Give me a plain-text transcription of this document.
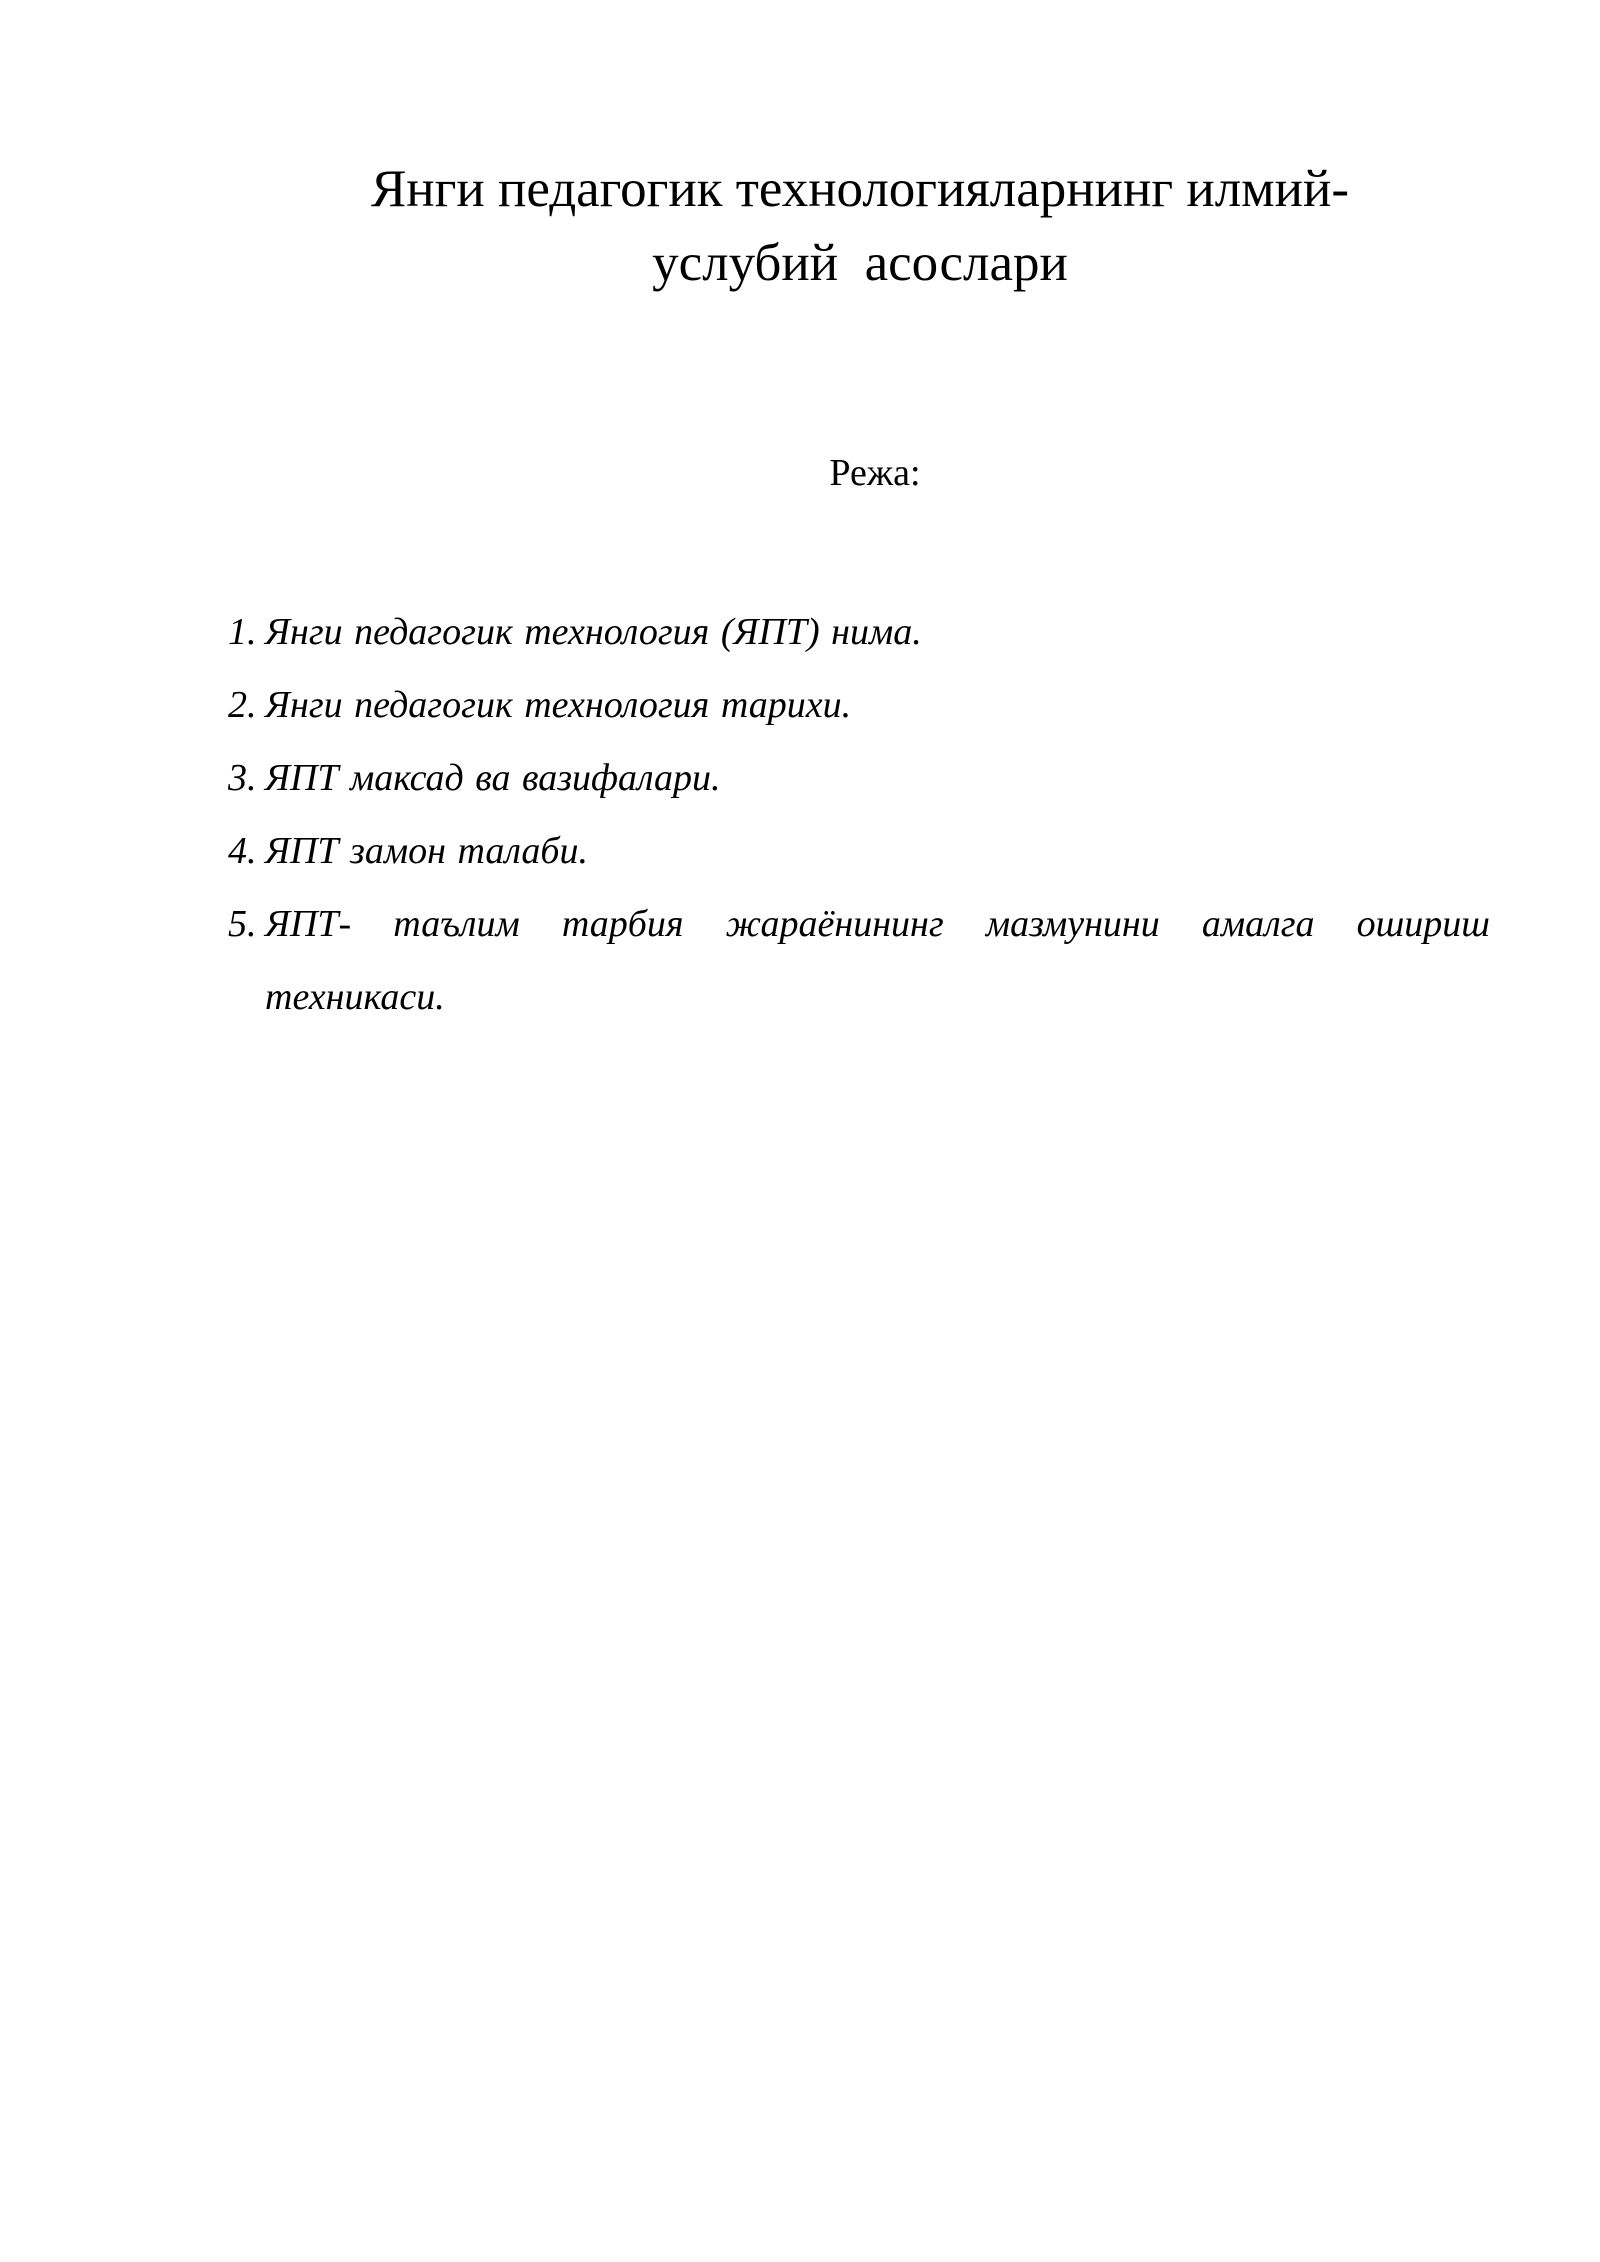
Янги педагогик технологияларнинг илмий-
услубий  асослари
Режа:
1. Янги педагогик технология (ЯПТ) нима.
2. Янги педагогик технология тарихи.
3. ЯПТ максад ва вазифалари.
4. ЯПТ замон талаби.
5. ЯПТ- таълим тарбия жараёнининг мазмунини амалга ошириш техникаси.
